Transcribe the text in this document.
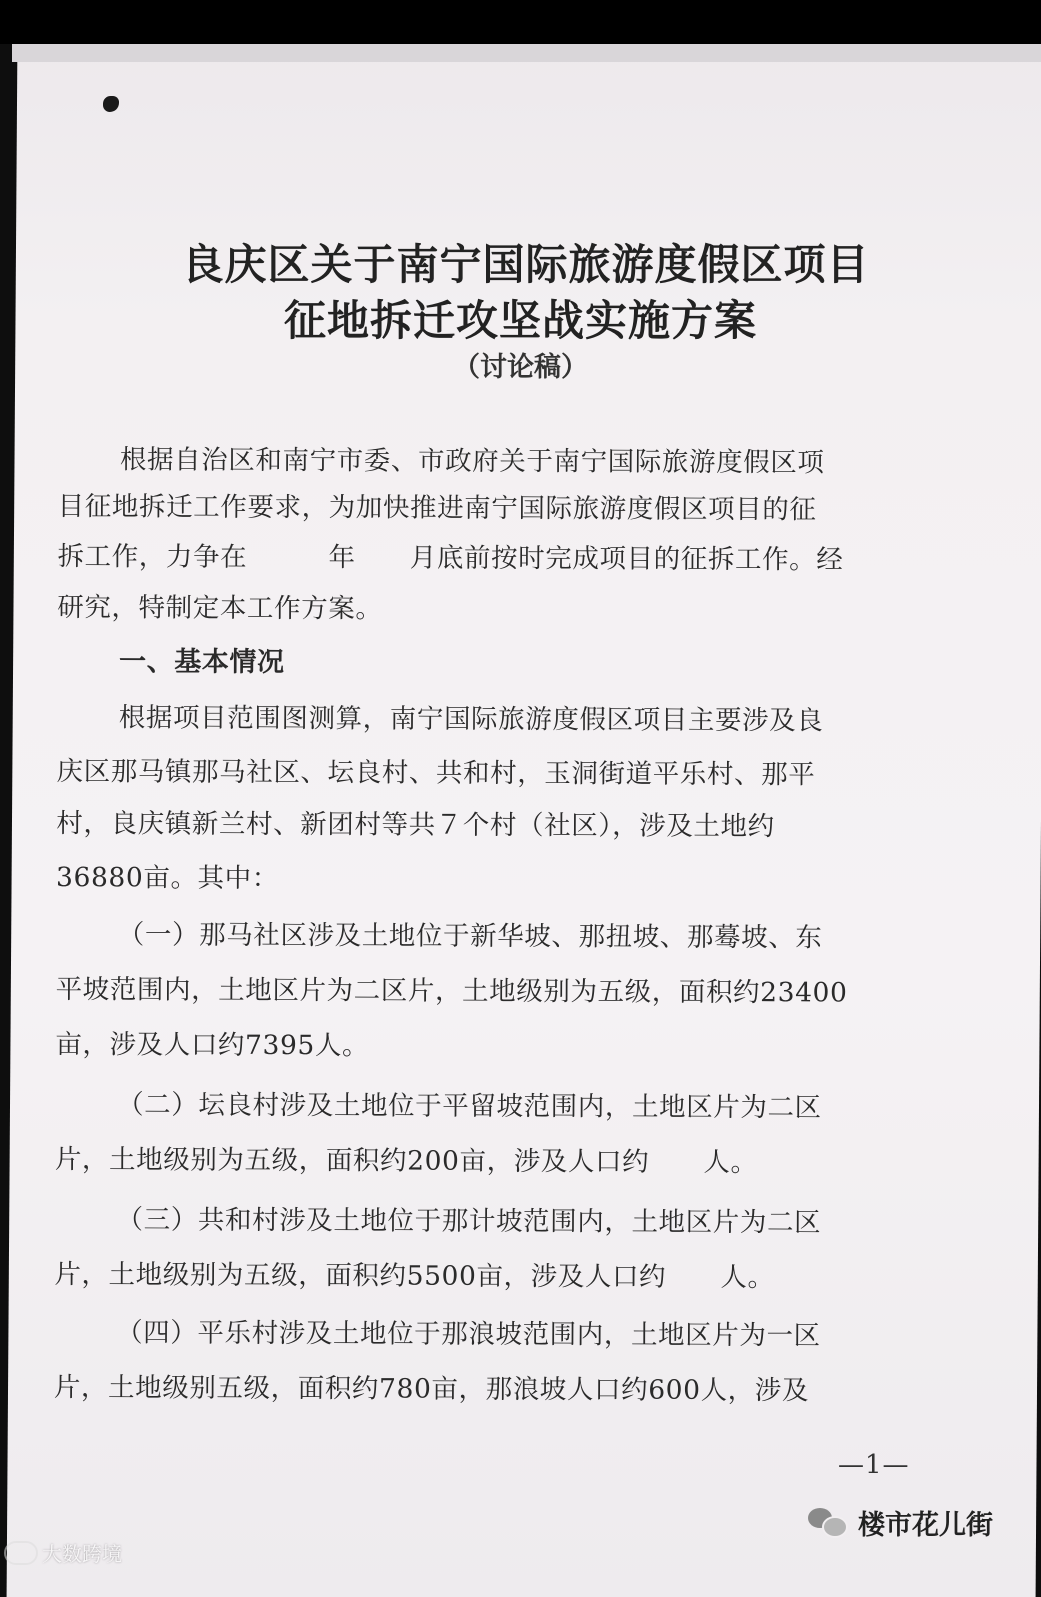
良庆区关于南宁国际旅游度假区项目
征地拆迁攻坚战实施方案
（讨论稿）
根据自治区和南宁市委、市政府关于南宁国际旅游度假区项
目征地拆迁工作要求，为加快推进南宁国际旅游度假区项目的征
拆工作，力争在　　　年　　月底前按时完成项目的征拆工作。经
研究，特制定本工作方案。
一、基本情况
根据项目范围图测算，南宁国际旅游度假区项目主要涉及良
庆区那马镇那马社区、坛良村、共和村，玉洞街道平乐村、那平
村，良庆镇新兰村、新团村等共７个村（社区），涉及土地约
36880亩。其中：
（一）那马社区涉及土地位于新华坡、那扭坡、那蓦坡、东
平坡范围内，土地区片为二区片，土地级别为五级，面积约23400
亩，涉及人口约7395人。
（二）坛良村涉及土地位于平留坡范围内，土地区片为二区
片，土地级别为五级，面积约200亩，涉及人口约　　人。
（三）共和村涉及土地位于那计坡范围内，土地区片为二区
片，土地级别为五级，面积约5500亩，涉及人口约　　人。
（四）平乐村涉及土地位于那浪坡范围内，土地区片为一区
片，土地级别五级，面积约780亩，那浪坡人口约600人，涉及
—1—
楼市花儿街
大数跨境
